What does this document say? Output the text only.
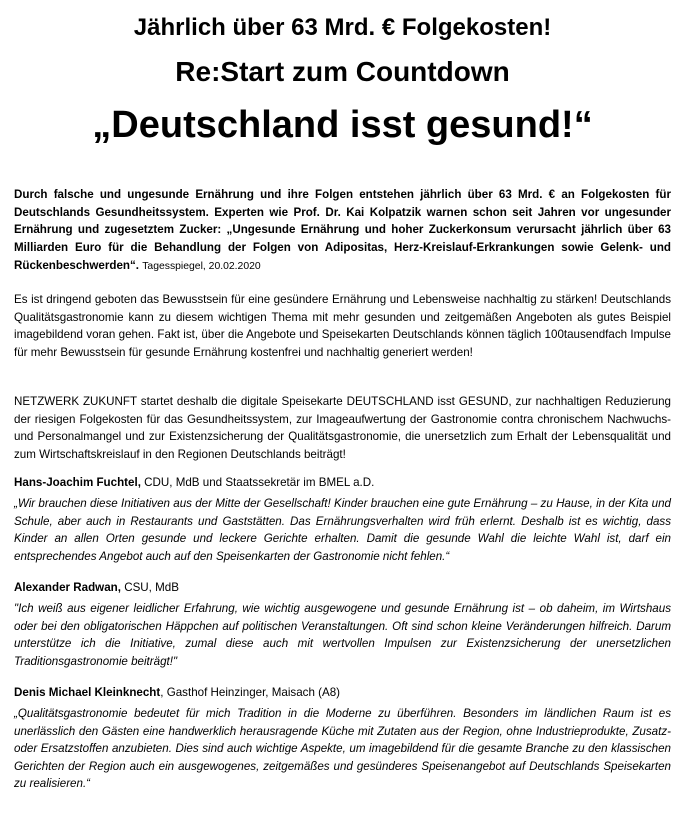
Jährlich über 63 Mrd. € Folgekosten!
Re:Start zum Countdown
„Deutschland isst gesund!“

Durch falsche und ungesunde Ernährung und ihre Folgen entstehen jährlich über 63 Mrd. € an Folgekosten für Deutschlands Gesundheitssystem. Experten wie Prof. Dr. Kai Kolpatzik warnen schon seit Jahren vor ungesunder Ernährung und zugesetztem Zucker: „Ungesunde Ernährung und hoher Zuckerkonsum verursacht jährlich über 63 Milliarden Euro für die Behandlung der Folgen von Adipositas, Herz-Kreislauf-Erkrankungen sowie Gelenk- und Rückenbeschwerden“. Tagesspiegel, 20.02.2020

Es ist dringend geboten das Bewusstsein für eine gesündere Ernährung und Lebensweise nachhaltig zu stärken! Deutschlands Qualitätsgastronomie kann zu diesem wichtigen Thema mit mehr gesunden und zeitgemäßen Angeboten als gutes Beispiel imagebildend voran gehen. Fakt ist, über die Angebote und Speisekarten Deutschlands können täglich 100tausendfach Impulse für mehr Bewusstsein für gesunde Ernährung kostenfrei und nachhaltig generiert werden!

NETZWERK ZUKUNFT startet deshalb die digitale Speisekarte DEUTSCHLAND isst GESUND, zur nachhaltigen Reduzierung der riesigen Folgekosten für das Gesundheitssystem, zur Imageaufwertung der Gastronomie contra chronischem Nachwuchs- und Personalmangel und zur Existenzsicherung der Qualitätsgastronomie, die unersetzlich zum Erhalt der Lebensqualität und zum Wirtschaftskreislauf in den Regionen Deutschlands beiträgt!

Hans-Joachim Fuchtel, CDU, MdB und Staatssekretär im BMEL a.D.

„Wir brauchen diese Initiativen aus der Mitte der Gesellschaft! Kinder brauchen eine gute Ernährung – zu Hause, in der Kita und Schule, aber auch in Restaurants und Gaststätten. Das Ernährungsverhalten wird früh erlernt. Deshalb ist es wichtig, dass Kinder an allen Orten gesunde und leckere Gerichte erhalten. Damit die gesunde Wahl die leichte Wahl ist, darf ein entsprechendes Angebot auch auf den Speisenkarten der Gastronomie nicht fehlen.“

Alexander Radwan, CSU, MdB

"Ich weiß aus eigener leidlicher Erfahrung, wie wichtig ausgewogene und gesunde Ernährung ist – ob daheim, im Wirtshaus oder bei den obligatorischen Häppchen auf politischen Veranstaltungen. Oft sind schon kleine Veränderungen hilfreich. Darum unterstütze ich die Initiative, zumal diese auch mit wertvollen Impulsen zur Existenzsicherung der unersetzlichen Traditionsgastronomie beiträgt!"

Denis Michael Kleinknecht, Gasthof Heinzinger, Maisach (A8)

„Qualitätsgastronomie bedeutet für mich Tradition in die Moderne zu überführen. Besonders im ländlichen Raum ist es unerlässlich den Gästen eine handwerklich herausragende Küche mit Zutaten aus der Region, ohne Industrieprodukte, Zusatz- oder Ersatzstoffen anzubieten. Dies sind auch wichtige Aspekte, um imagebildend für die gesamte Branche zu den klassischen Gerichten der Region auch ein ausgewogenes, zeitgemäßes und gesünderes Speisenangebot auf Deutschlands Speisekarten zu realisieren.“
